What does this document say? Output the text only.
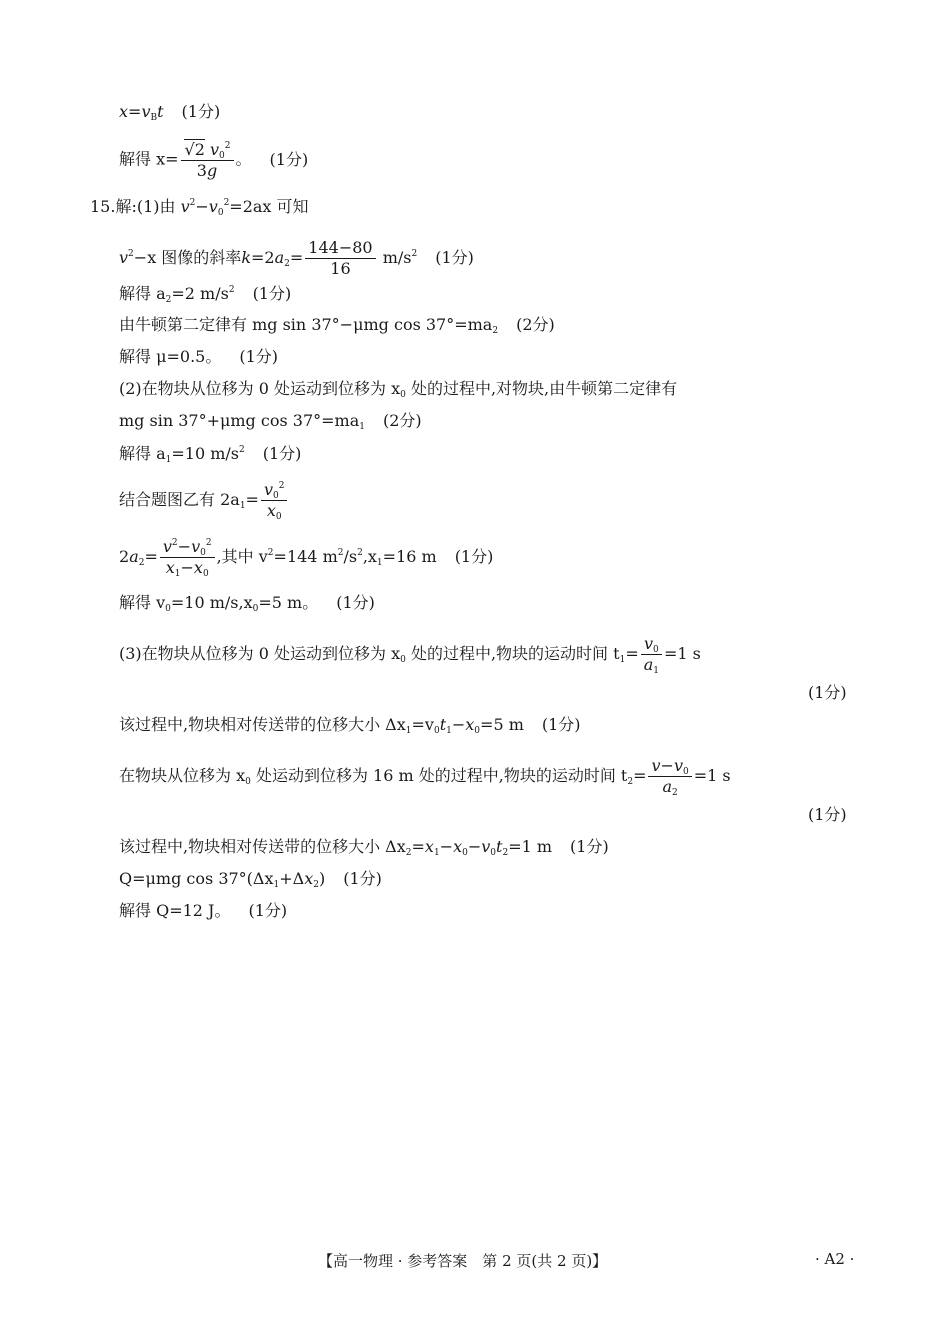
$x=v_Bt$ (1分)
解得 $x= \frac{√2 v_0^2}{3g}$ 。 (1分)
15.解:(1)由 $v^2-v_0^2=2ax$ 可知
$v^2-x$ 图像的斜率$k=2a_2= \frac{144-80}{16} m/s^2$ (1分)
解得 $a_2=2$ $m/s^2$ (1分)
由牛顿第二定律有 mg sin 37°−μmg $\cos 37^\circ=ma_2$ (2分)
解得 μ=0.5。 (1分)
(2)在物块从位移为 0 处运动到位移为 $x_0$ 处的过程中,对物块,由牛顿第二定律有
mg sin 37°+μmg $\cos 37^\circ=ma_1$ (2分)
解得 $a_1=10$ $m/s^2$ (1分)
结合题图乙有 $2a_1= \frac{v_0^2}{x_0}$
$2a_2= \frac{v^2-v_0^2}{x_1-x_0}$ ,其中 $v^2=144$ $m^2/s^2,x_1=16$ m (1分)
解得 $v_0=10$ $m/s,x_0=5$ m。 (1分)
(3)在物块从位移为 0 处运动到位移为 $x_0$ 处的过程中,物块的运动时间 $t_1= \frac{v_0}{a_1} =1$ s
(1分)
该过程中,物块相对传送带的位移大小 $\Delta x_1=v_0t_1-x_0=5$ m (1分)
在物块从位移为 $x_0$ 处运动到位移为 16 m 处的过程中,物块的运动时间 $t_2= \frac{v-v_0}{a_2} =1$ s
(1分)
该过程中,物块相对传送带的位移大小 $\Delta x_2=x_1-x_0-v_0t_2=1$ m (1分)
Q=μmg $\cos 37^\circ(\Delta x_1+\Delta x_2)$ (1分)
解得 Q=12 J。 (1分)
【高一物理 · 参考答案　第 2 页(共 2 页)】	· A2 ·
